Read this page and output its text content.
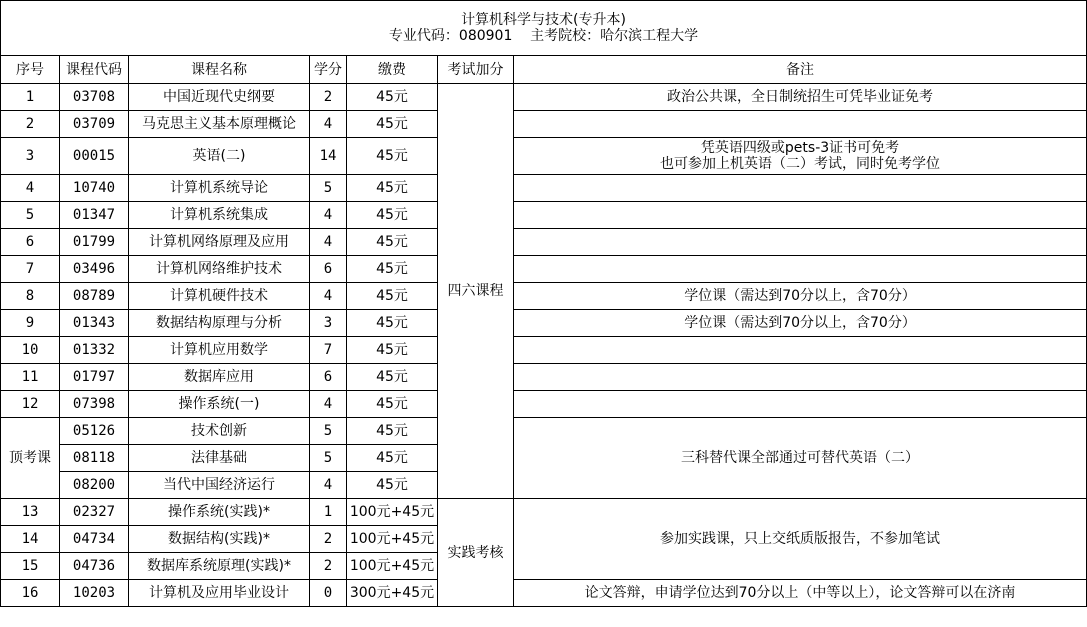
计算机科学与技术(专升本)
专业代码：080901    主考院校：哈尔滨工程大学						

序号	课程代码	课程名称	学分	缴费	考试加分	备注
1	03708	中国近现代史纲要	2	45元	四六课程	政治公共课，全日制统招生可凭毕业证免考
2	03709	马克思主义基本原理概论	4	45元		
3	00015	英语(二)	14	45元		凭英语四级或pets-3证书可免考
也可参加上机英语（二）考试，同时免考学位

4	10740	计算机系统导论	5	45元		
5	01347	计算机系统集成	4	45元		
6	01799	计算机网络原理及应用	4	45元		
7	03496	计算机网络维护技术	6	45元		
8	08789	计算机硬件技术	4	45元		学位课（需达到70分以上，含70分）
9	01343	数据结构原理与分析	3	45元		学位课（需达到70分以上，含70分）
10	01332	计算机应用数学	7	45元		
11	01797	数据库应用	6	45元		
12	07398	操作系统(一)	4	45元		
顶考课	05126	技术创新	5	45元		三科替代课全部通过可替代英语（二）
	08118	法律基础	5	45元		
	08200	当代中国经济运行	4	45元		
13	02327	操作系统(实践)*	1	100元+45元	实践考核	参加实践课，只上交纸质版报告，不参加笔试
14	04734	数据结构(实践)*	2	100元+45元		
15	04736	数据库系统原理(实践)*	2	100元+45元		
16	10203	计算机及应用毕业设计	0	300元+45元		论文答辩，申请学位达到70分以上（中等以上），论文答辩可以在济南
